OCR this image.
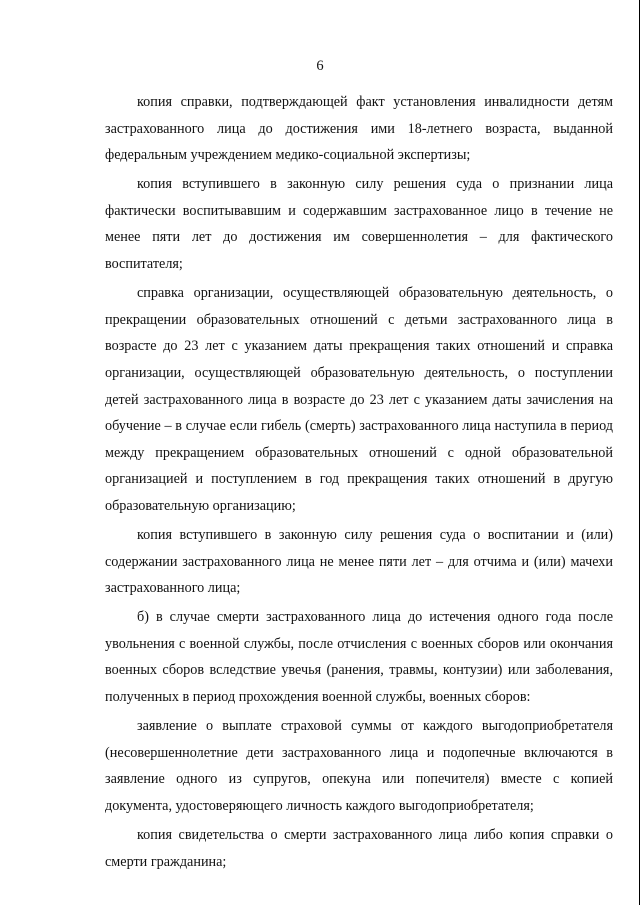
6

копия справки, подтверждающей факт установления инвалидности детям застрахованного лица до достижения ими 18-летнего возраста, выданной федеральным учреждением медико-социальной экспертизы;

копия вступившего в законную силу решения суда о признании лица фактически воспитывавшим и содержавшим застрахованное лицо в течение не менее пяти лет до достижения им совершеннолетия – для фактического воспитателя;

справка организации, осуществляющей образовательную деятельность, о прекращении образовательных отношений с детьми застрахованного лица в возрасте до 23 лет с указанием даты прекращения таких отношений и справка организации, осуществляющей образовательную деятельность, о поступлении детей застрахованного лица в возрасте до 23 лет с указанием даты зачисления на обучение – в случае если гибель (смерть) застрахованного лица наступила в период между прекращением образовательных отношений с одной образовательной организацией и поступлением в год прекращения таких отношений в другую образовательную организацию;

копия вступившего в законную силу решения суда о воспитании и (или) содержании застрахованного лица не менее пяти лет – для отчима и (или) мачехи застрахованного лица;

б) в случае смерти застрахованного лица до истечения одного года после увольнения с военной службы, после отчисления с военных сборов или окончания военных сборов вследствие увечья (ранения, травмы, контузии) или заболевания, полученных в период прохождения военной службы, военных сборов:

заявление о выплате страховой суммы от каждого выгодоприобретателя (несовершеннолетние дети застрахованного лица и подопечные включаются в заявление одного из супругов, опекуна или попечителя) вместе с копией документа, удостоверяющего личность каждого выгодоприобретателя;

копия свидетельства о смерти застрахованного лица либо копия справки о смерти гражданина;
